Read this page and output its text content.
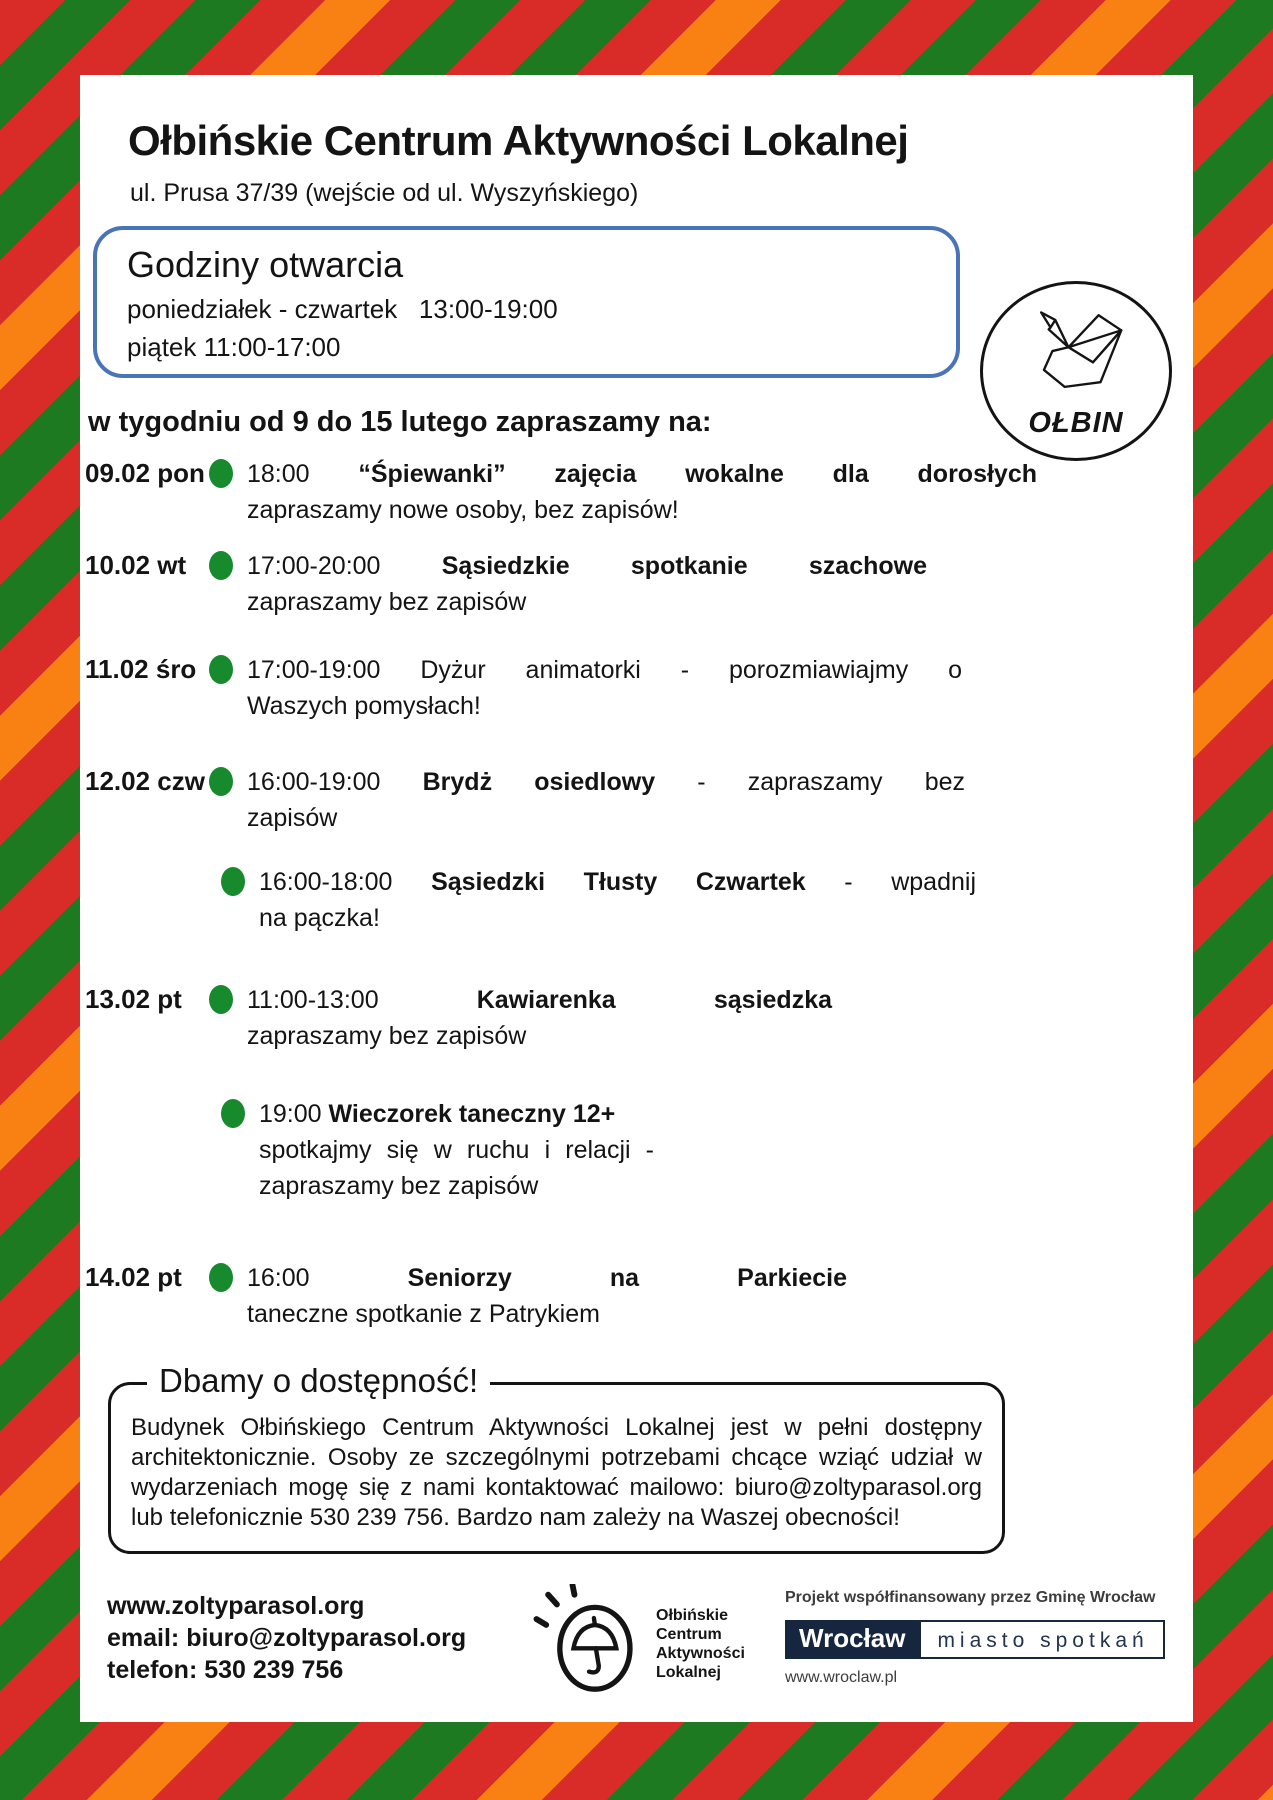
Ołbińskie Centrum Aktywności Lokalnej
ul. Prusa 37/39 (wejście od ul. Wyszyńskiego)
Godziny otwarcia
poniedziałek - czwartek   13:00-19:00
piątek 11:00-17:00
OŁBIN
w tygodniu od 9 do 15 lutego zapraszamy na:
09.02 pon 18:00 “Śpiewanki” zajęcia wokalne dla dorosłych
zapraszamy nowe osoby, bez zapisów!
10.02 wt	17:00-20:00 Sąsiedzkie spotkanie szachowe
zapraszamy bez zapisów
11.02 śro	17:00-19:00 Dyżur animatorki - porozmiawiajmy o
Waszych pomysłach!
12.02 czw 16:00-19:00 Brydż osiedlowy - zapraszamy bez
zapisów
16:00-18:00 Sąsiedzki Tłusty Czwartek - wpadnij
na pączka!
13.02 pt	11:00-13:00	Kawiarenka sąsiedzka
zapraszamy bez zapisów
19:00 Wieczorek taneczny 12+
spotkajmy się w ruchu i relacji -
zapraszamy bez zapisów
14.02 pt	16:00	Seniorzy na Parkiecie
taneczne spotkanie z Patrykiem
Dbamy o dostępność!
Budynek Ołbińskiego Centrum Aktywności Lokalnej jest w pełni dostępny architektonicznie. Osoby ze szczególnymi potrzebami chcące wziąć udział w wydarzeniach mogę się z nami kontaktować mailowo: biuro@zoltyparasol.org lub telefonicznie 530 239 756. Bardzo nam zależy na Waszej obecności!
www.zoltyparasol.org
email: biuro@zoltyparasol.org
telefon: 530 239 756
Ołbińskie
Centrum
Aktywności
Lokalnej
Projekt współfinansowany przez Gminę Wrocław
Wrocław	miasto spotkań
www.wroclaw.pl
